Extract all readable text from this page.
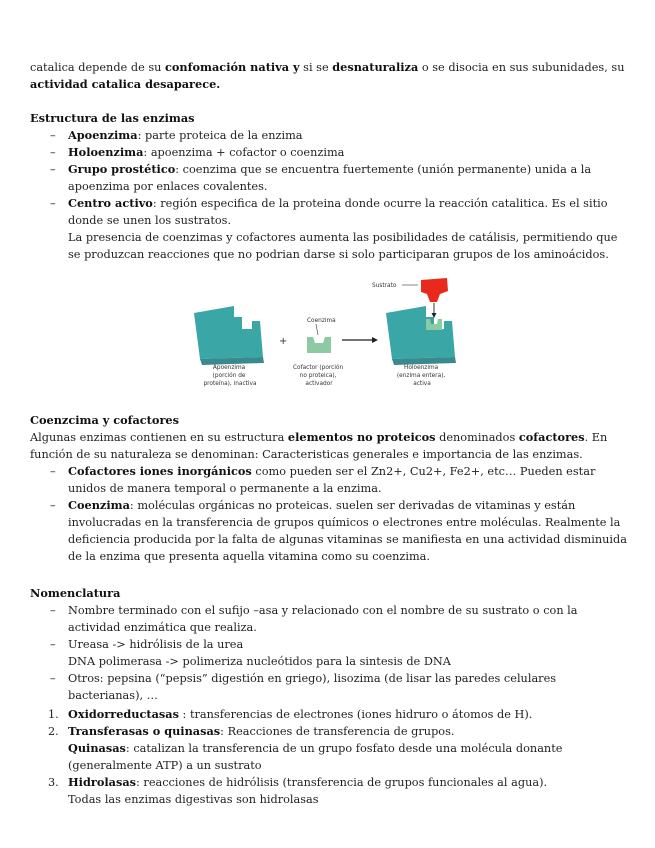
catalica depende de su confomación nativa y si se desnaturaliza o se disocia en sus subunidades, su actividad catalica desaparece.

Estructura de las enzimas
– Apoenzima: parte proteica de la enzima
– Holoenzima: apoenzima + cofactor o coenzima
– Grupo prostético: coenzima que se encuentra fuertemente (unión permanente) unida a la apoenzima por enlaces covalentes.
– Centro activo: región especifica de la proteina donde ocurre la reacción catalitica. Es el sitio donde se unen los sustratos.
La presencia de coenzimas y cofactores aumenta las posibilidades de catálisis, permitiendo que se produzcan reacciones que no podrian darse si solo participaran grupos de los aminoácidos.
+
Coenzima
Sustrato
Apoenzima (porción de proteína), inactiva
Cofactor (porción no proteica), activador
Holoenzima (enzima entera), activa
Coenzcima y cofactores
Algunas enzimas contienen en su estructura elementos no proteicos denominados cofactores. En función de su naturaleza se denominan: Caracteristicas generales e importancia de las enzimas.
– Cofactores iones inorgánicos como pueden ser el Zn2+, Cu2+, Fe2+, etc… Pueden estar unidos de manera temporal o permanente a la enzima.
– Coenzima: moléculas orgánicas no proteicas. suelen ser derivadas de vitaminas y están involucradas en la transferencia de grupos químicos o electrones entre moléculas. Realmente la deficiencia producida por la falta de algunas vitaminas se manifiesta en una actividad disminuida de la enzima que presenta aquella vitamina como su coenzima.
Nomenclatura
– Nombre terminado con el sufijo –asa y relacionado con el nombre de su sustrato o con la actividad enzimática que realiza.
– Ureasa -> hidrólisis de la urea
DNA polimerasa -> polimeriza nucleótidos para la sintesis de DNA
– Otros: pepsina (“pepsis” digestión en griego), lisozima (de lisar las paredes celulares bacterianas), …
1. Oxidorreductasas : transferencias de electrones (iones hidruro o átomos de H).
2. Transferasas o quinasas: Reacciones de transferencia de grupos.
Quinasas: catalizan la transferencia de un grupo fosfato desde una molécula donante (generalmente ATP) a un sustrato
3. Hidrolasas: reacciones de hidrólisis (transferencia de grupos funcionales al agua).
Todas las enzimas digestivas son hidrolasas
